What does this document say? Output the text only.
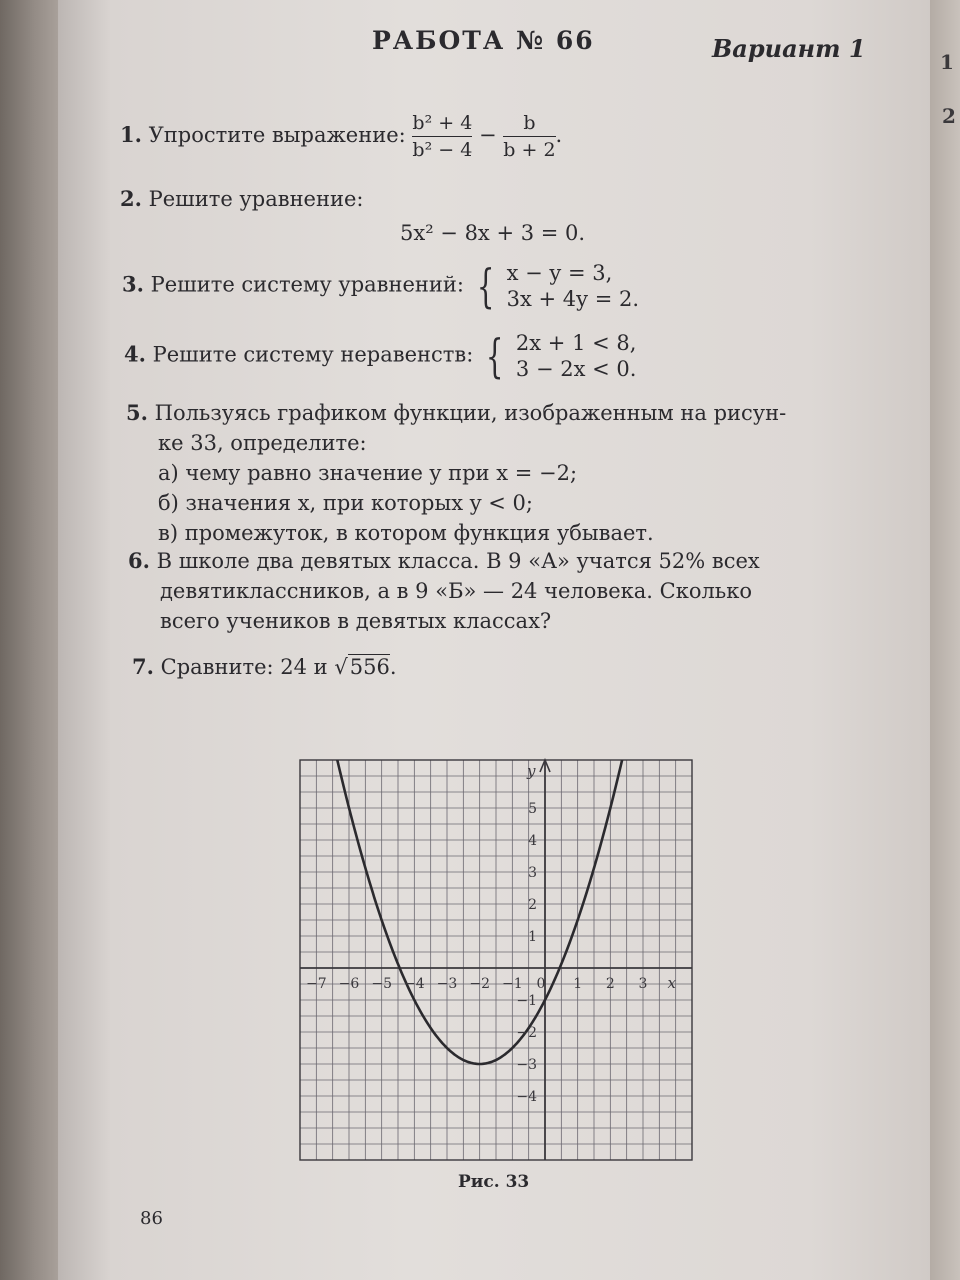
1
2
РАБОТА № 66	Вариант 1
1. Упростите выражение: $\frac{\text{b² + 4}}{\text{b² − 4}} - \frac{b}{b + 2}$ .
2. Решите уравнение:
5x² − 8x + 3 = 0.
3. Решите систему уравнений: { x − y = 3,
3x + 4y = 2.
4. Решите систему неравенств: { 2x + 1 < 8,
3 − 2x < 0.
5. Пользуясь графиком функции, изображенным на рисун-
ке 33, определите:
а) чему равно значение y при x = −2;
б) значения x, при которых y < 0;
в) промежуток, в котором функция убывает.
6. В школе два девятых класса. В 9 «А» учатся 52% всех
девятиклассников, а в 9 «Б» — 24 человека. Сколько
всего учеников в девятых классах?
7. Сравните: 24 и √556.
−7 −6 −5 −4 −3 −2 −1 0 1 2 3
5
4
3
2
1
−1
−2
−3
−4
x
y
Рис. 33
86
